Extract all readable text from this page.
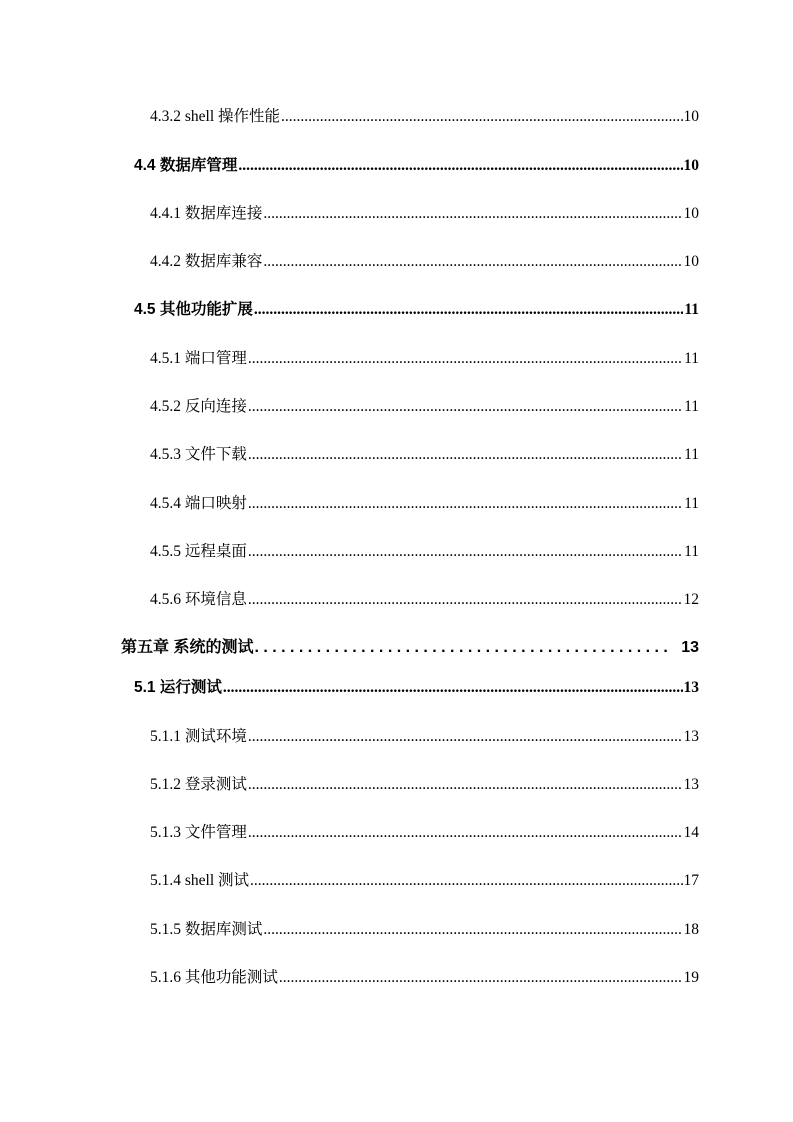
4.3.2 shell 操作性能 .....	10
4.4 数据库管理 .....	10
4.4.1 数据库连接 .....	10
4.4.2 数据库兼容 .....	10
4.5 其他功能扩展 .....	11
4.5.1 端口管理 .....	11
4.5.2 反向连接 .....	11
4.5.3 文件下载 .....	11
4.5.4 端口映射 .....	11
4.5.5 远程桌面 .....	11
4.5.6 环境信息 .....	12
第五章 系统的测试 . . .	13
5.1 运行测试 .....	13
5.1.1 测试环境 .....	13
5.1.2 登录测试 .....	13
5.1.3 文件管理 .....	14
5.1.4 shell 测试 .....	17
5.1.5 数据库测试 .....	18
5.1.6 其他功能测试 .....	19
